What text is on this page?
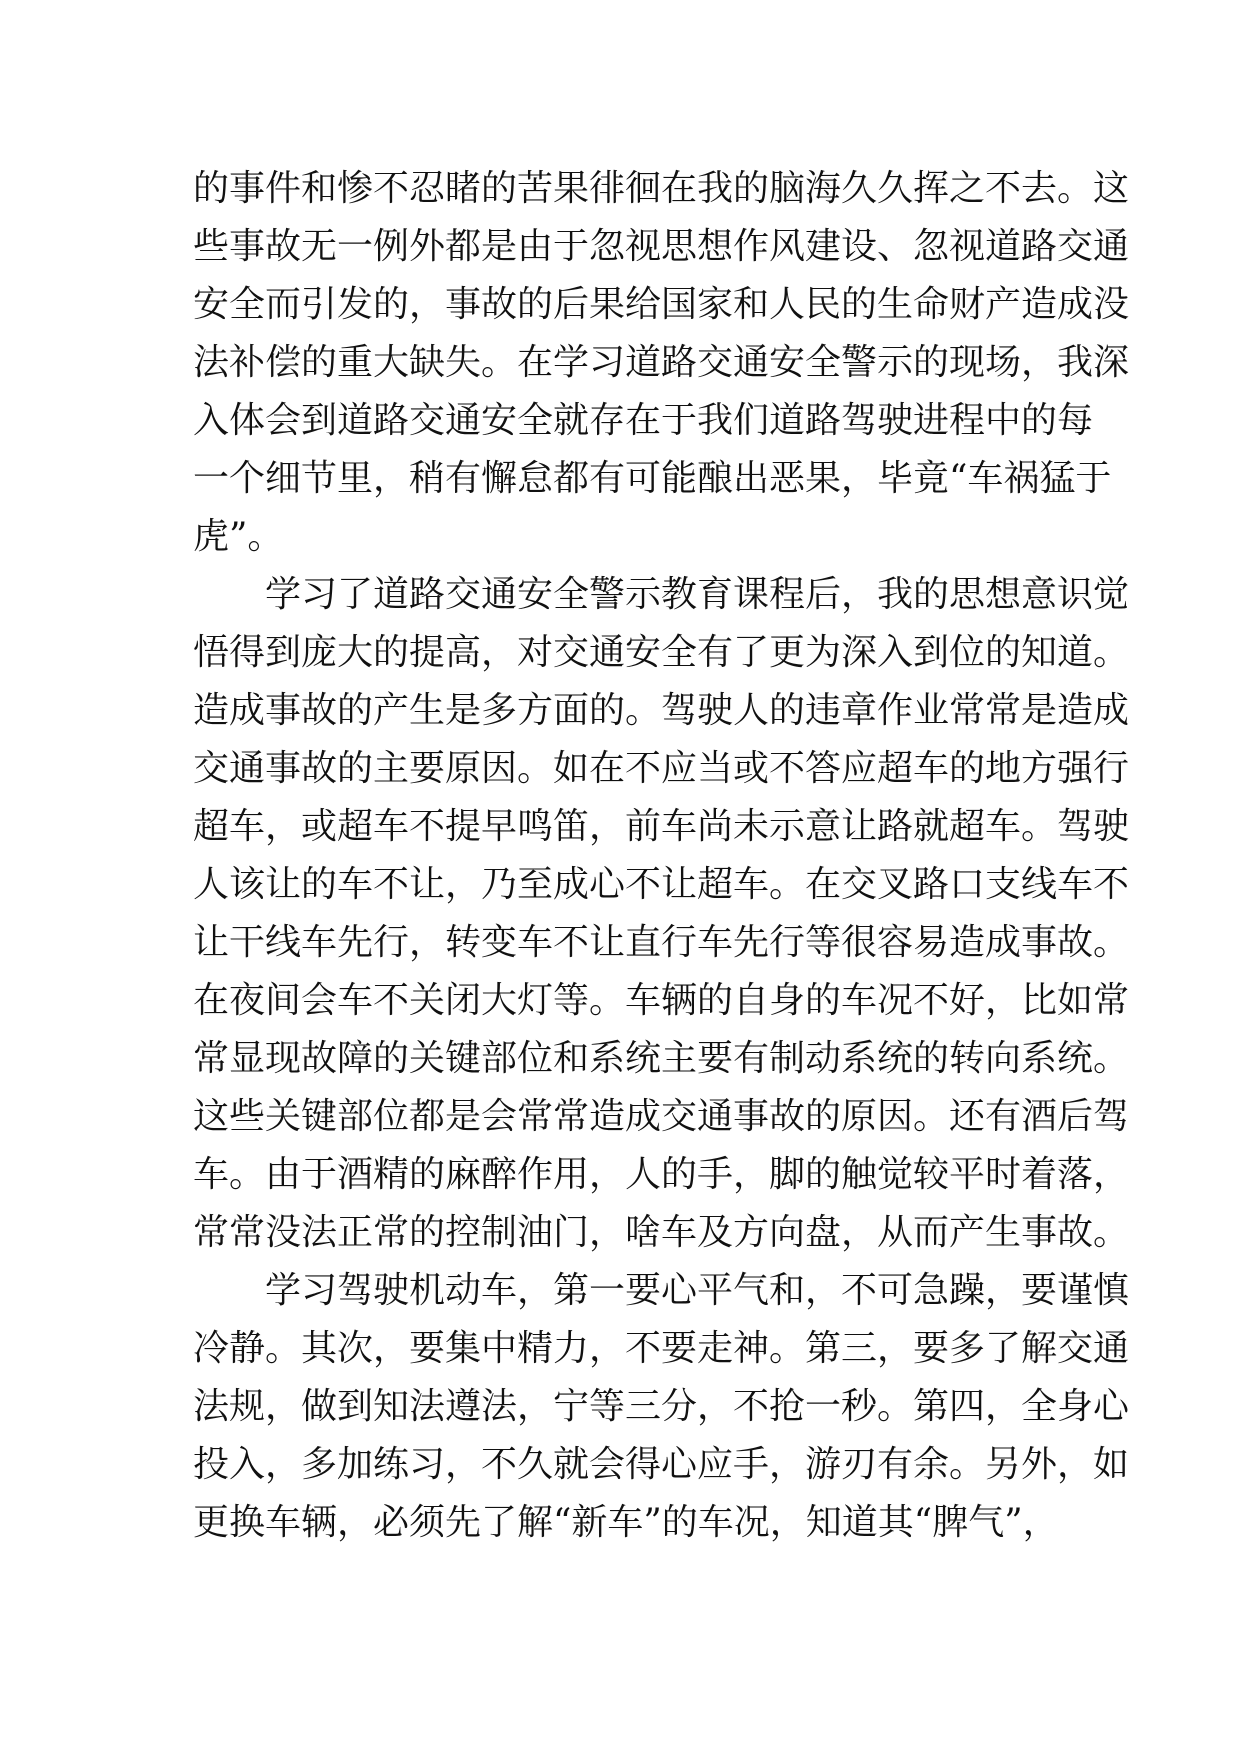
的事件和惨不忍睹的苦果徘徊在我的脑海久久挥之不去。这
些事故无一例外都是由于忽视思想作风建设、忽视道路交通
安全而引发的，事故的后果给国家和人民的生命财产造成没
法补偿的重大缺失。在学习道路交通安全警示的现场，我深
入体会到道路交通安全就存在于我们道路驾驶进程中的每
一个细节里，稍有懈怠都有可能酿出恶果，毕竟“车祸猛于
虎”。
学习了道路交通安全警示教育课程后，我的思想意识觉
悟得到庞大的提高，对交通安全有了更为深入到位的知道。
造成事故的产生是多方面的。驾驶人的违章作业常常是造成
交通事故的主要原因。如在不应当或不答应超车的地方强行
超车，或超车不提早鸣笛，前车尚未示意让路就超车。驾驶
人该让的车不让，乃至成心不让超车。在交叉路口支线车不
让干线车先行，转变车不让直行车先行等很容易造成事故。
在夜间会车不关闭大灯等。车辆的自身的车况不好，比如常
常显现故障的关键部位和系统主要有制动系统的转向系统。
这些关键部位都是会常常造成交通事故的原因。还有酒后驾
车。由于酒精的麻醉作用，人的手，脚的触觉较平时着落，
常常没法正常的控制油门，啥车及方向盘，从而产生事故。
学习驾驶机动车，第一要心平气和，不可急躁，要谨慎
冷静。其次，要集中精力，不要走神。第三，要多了解交通
法规，做到知法遵法，宁等三分，不抢一秒。第四，全身心
投入，多加练习，不久就会得心应手，游刃有余。另外，如
更换车辆，必须先了解“新车”的车况，知道其“脾气”，
